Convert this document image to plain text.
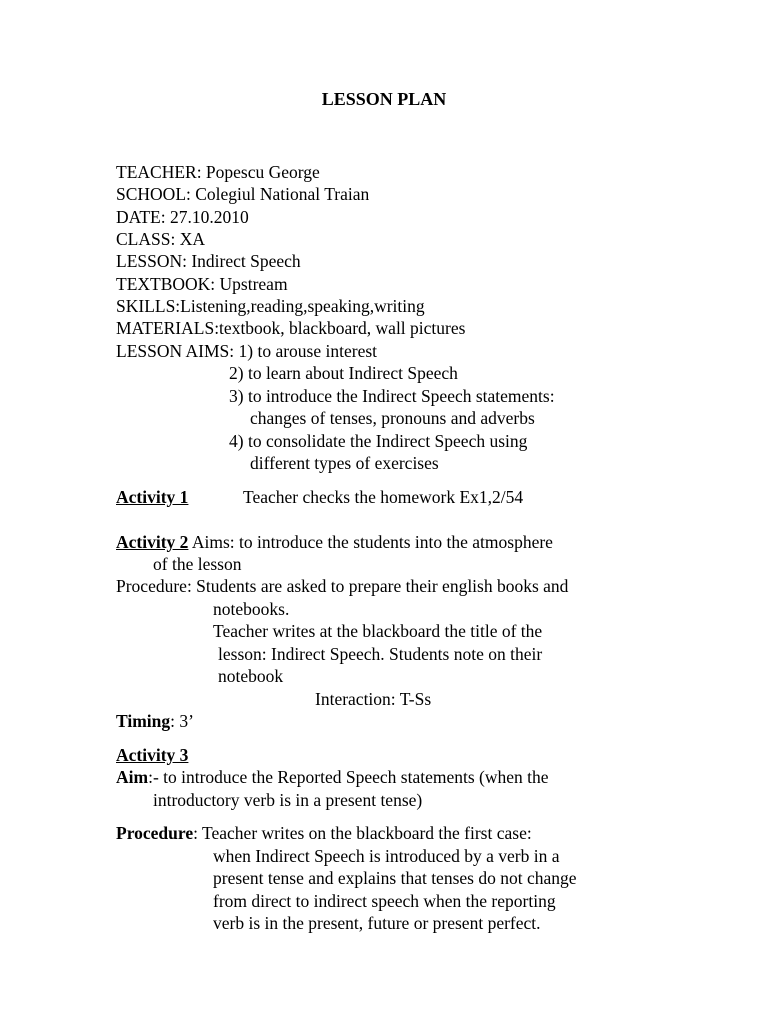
LESSON PLAN
TEACHER: Popescu George
SCHOOL: Colegiul National Traian
DATE: 27.10.2010
CLASS: XA
LESSON: Indirect Speech
TEXTBOOK: Upstream
SKILLS:Listening,reading,speaking,writing
MATERIALS:textbook, blackboard, wall pictures
LESSON AIMS: 1) to arouse interest
2) to learn about Indirect Speech
3) to introduce the Indirect Speech statements:
changes of tenses, pronouns and adverbs
4) to consolidate the Indirect Speech using
different types of exercises
Activity 1	Teacher checks the homework Ex1,2/54
Activity 2 Aims: to introduce the students into the atmosphere
of the lesson
Procedure: Students are asked to prepare their english books and
notebooks.
Teacher writes at the blackboard the title of the
lesson: Indirect Speech. Students note on their
notebook
Interaction: T-Ss
Timing: 3’
Activity 3
Aim:- to introduce the Reported Speech statements (when the
introductory verb is in a present tense)
Procedure: Teacher writes on the blackboard the first case:
when Indirect Speech is introduced by a verb in a
present tense and explains that tenses do not change
from direct to indirect speech when the reporting
verb is in the present, future or present perfect.
